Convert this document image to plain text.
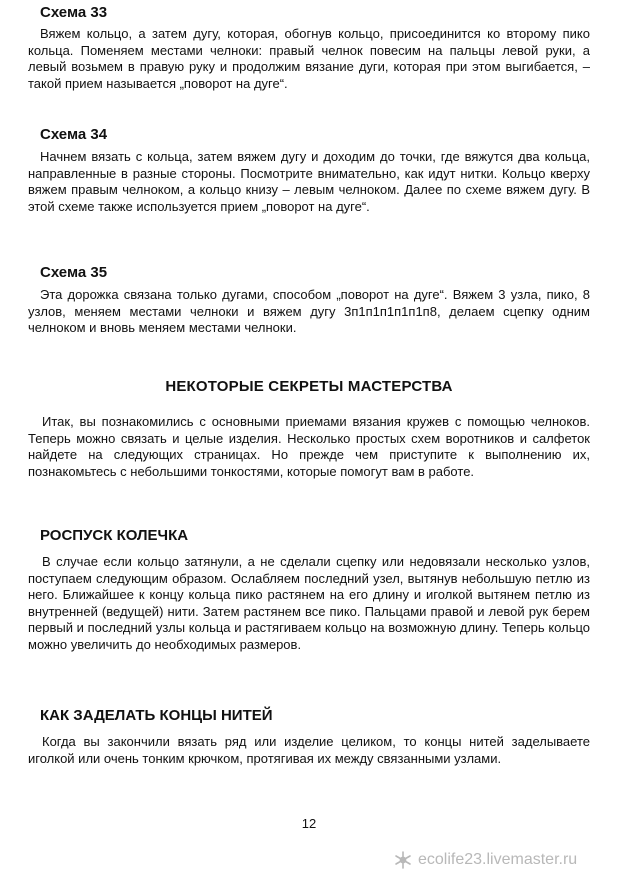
Схема 33
Вяжем кольцо, а затем дугу, которая, обогнув кольцо, присоединится ко второму пико кольца. Поменяем местами челноки: правый челнок повесим на пальцы левой руки, а левый возьмем в правую руку и продолжим вязание дуги, которая при этом выгибается, – такой прием называется „поворот на дуге“.
Схема 34
Начнем вязать с кольца, затем вяжем дугу и доходим до точки, где вяжутся два кольца, направленные в разные стороны. Посмотрите внимательно, как идут нитки. Кольцо кверху вяжем правым челноком, а кольцо книзу – левым челноком. Далее по схеме вяжем дугу. В этой схеме также используется прием „поворот на дуге“.
Схема 35
Эта дорожка связана только дугами, способом „поворот на дуге“. Вяжем 3 узла, пико, 8 узлов, меняем местами челноки и вяжем дугу 3п1п1п1п1п1п8, делаем сцепку одним челноком и вновь меняем местами челноки.
НЕКОТОРЫЕ СЕКРЕТЫ МАСТЕРСТВА
Итак, вы познакомились с основными приемами вязания кружев с помощью челноков. Теперь можно связать и целые изделия. Несколько простых схем воротников и салфеток найдете на следующих страницах. Но прежде чем приступите к выполнению их, познакомьтесь с небольшими тонкостями, которые помогут вам в работе.
РОСПУСК КОЛЕЧКА
В случае если кольцо затянули, а не сделали сцепку или недовязали несколько узлов, поступаем следующим образом. Ослабляем последний узел, вытянув небольшую петлю из него. Ближайшее к концу кольца пико растянем на его длину и иголкой вытянем петлю из внутренней (ведущей) нити. Затем растянем все пико. Пальцами правой и левой рук берем первый и последний узлы кольца и растягиваем кольцо на возможную длину. Теперь кольцо можно увеличить до необходимых размеров.
КАК ЗАДЕЛАТЬ КОНЦЫ НИТЕЙ
Когда вы закончили вязать ряд или изделие целиком, то концы нитей заделываете иголкой или очень тонким крючком, протягивая их между связанными узлами.
12
ecolife23.livemaster.ru
